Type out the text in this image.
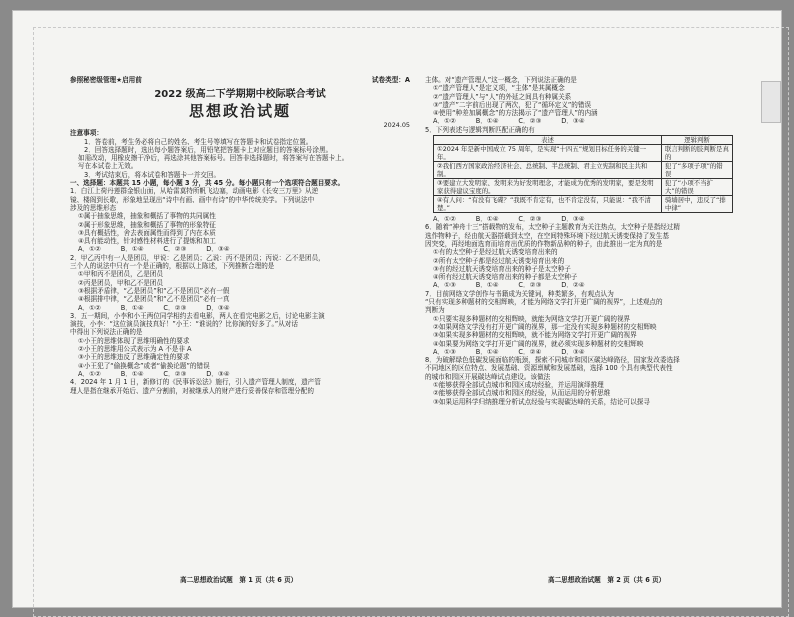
参照秘密级管理★启用前	试卷类型：A
2022 级高二下学期期中校际联合考试
思想政治试题
2024.05

注意事项：

1．答卷前，考生务必将自己的姓名、考生号等填写在答题卡和试卷指定位置。

2．回答选择题时，选出每小题答案后，用铅笔把答题卡上对应题目的答案标号涂黑。

如需改动，用橡皮擦干净后，再选涂其他答案标号。回答非选择题时，将答案写在答题卡上。

写在本试卷上无效。

3．考试结束后，将本试卷和答题卡一并交回。

一、选择题：本题共 15 小题，每小题 3 分，共 45 分。每小题只有一个选项符合题目要求。

1．白江上荷丹莲群金银山面，从哈雷莫特所帆飞边塞，动画电影《长安三万里》从逆

镜、楼阁到长歌，形象地呈现出“诗中有画、画中有诗”的中华传统美学。下列说法中

涉及的思维形态

①属于抽象思维，抽象和概括了事物的共同属性

②属于形象思维，抽象和概括了事物的形象特征

③具有概括性，舍去表面属性而得到了内在本质

④具有能动性，针对感性材料进行了提炼和加工

A．①②　　　B．①④　　　C．②③　　　D．③④

2．甲乙丙中有一人是团员，甲说：乙是团员；乙说：丙不是团员；丙说：乙不是团员，

三个人的说法中只有一个是正确的，根据以上陈述，下列推断合理的是

①甲和丙不是团员，乙是团员

②丙是团员，甲和乙不是团员

③根据矛盾律，“乙是团员”和“乙不是团员”必有一假

④根据排中律，“乙是团员”和“乙不是团员”必有一真

A．①②　　　B．①④　　　C．②③　　　D．③④

3．五一期间，小李和小王两位同学相约去看电影，两人在看完电影之后，讨论电影主演

演技，小李：“这位演员演技真好！”小王：“谁说的？比你演的好多了。”从对话

中得出下列说法正确的是

①小王的思维体现了思维明确性的要求

②小王的思维用公式表示为 A 不是非 A

③小王的思维违反了思维确定性的要求

④小王犯了“偷换概念”或者“偷换论题”的错误

A．①②　　　B．①④　　　C．②③　　　D．③④

4．2024 年 1 月 1 日，新修订的《民事诉讼法》施行，引入遗产管理人制度，遗产管

理人是指在继承开始后、遗产分割前，对被继承人的财产进行妥善保存和管理分配的

主体。对“遗产管理人”这一概念，下列说法正确的是

①“遗产管理人”是定义项，“主体”是其属概念

②“遗产管理人”与“人”的外延之间具有种属关系

③“遗产”二字前后出现了两次，犯了“循环定义”的错误

④使用“种差加属概念”的方法揭示了“遗产管理人”的内涵

A．①②　　　B．①④　　　C．②③　　　D．③④

5．下列表述与逻辑判断匹配正确的有

表述	逻辑判断
①2024 年是新中国成立 75 周年，是实现“十四五”规划目标任务的关键一年。	联言判断的肢判断是真的
②我们西方国家政治经济社会、总统制、半总统制、君主立宪制和民主共和制。	犯了“多项子项”的错误
③要建立大发明家、发明来为好发明理念，才能成为优秀的发明家，要是发明家获得建议宝度的。	犯了“小项不当扩大”的错误
④有人问：“有没有飞碟？”我既不肯定有，也不肯定没有，只能说：“我不清楚。”	骑墙居中，违反了“排中律”

A．①②　　　B．①④　　　C．②③　　　D．③④

6．随着“神舟十三”搭载物的发布，太空种子主题教育为关注热点，太空种子是指经过精

选作物种子，经由航天器搭载到太空，在空间特殊环境下经过航天诱变保持了发生基

因突变，再经地面选育而培育出优质的作物新品种的种子，由此推出一定为真的是

①有的太空种子是经过航天诱变培育出来的

②所有太空种子都是经过航天诱变培育出来的

③有的经过航天诱变培育出来的种子是太空种子

④所有经过航天诱变培育出来的种子都是太空种子

A．①③　　　B．①④　　　C．②③　　　D．②④

7．目前网络文学创作与书籍成为关键词，种类繁多，有观点认为

“只有实现多种题材的交相辉映，才能为网络文学打开更广阔的视界”，上述观点的

判断为

①只要实现多种题材的交相辉映，就能为网络文学打开更广阔的视界

②如果网络文学没有打开更广阔的视界，那一定没有实现多种题材的交相辉映

③如果实现多种题材的交相辉映，就不能为网络文学打开更广阔的视界

④如果要为网络文学打开更广阔的视界，就必须实现多种题材的交相辉映

A．①③　　　B．①④　　　C．②④　　　D．③④

8．为破解绿色低碳发展面临的瓶颈，探索不同城市和园区碳达峰路径，国家发改委选择

不同地区的区位特点、发展基础、资源禀赋和发展基础，选择 100 个具有典型代表性

的城市和园区开展碳达峰试点建设。该做法

①能够获得全部试点城市和园区成功经验，并运用演绎推理

②能够获得全部试点城市和园区的经验，从而运用的分析思维

③如果运用科学归纳推理分析试点经验与实现碳达峰的关系，结论可以探寻

高二思想政治试题　第 1 页（共 6 页）	高二思想政治试题　第 2 页（共 6 页）
